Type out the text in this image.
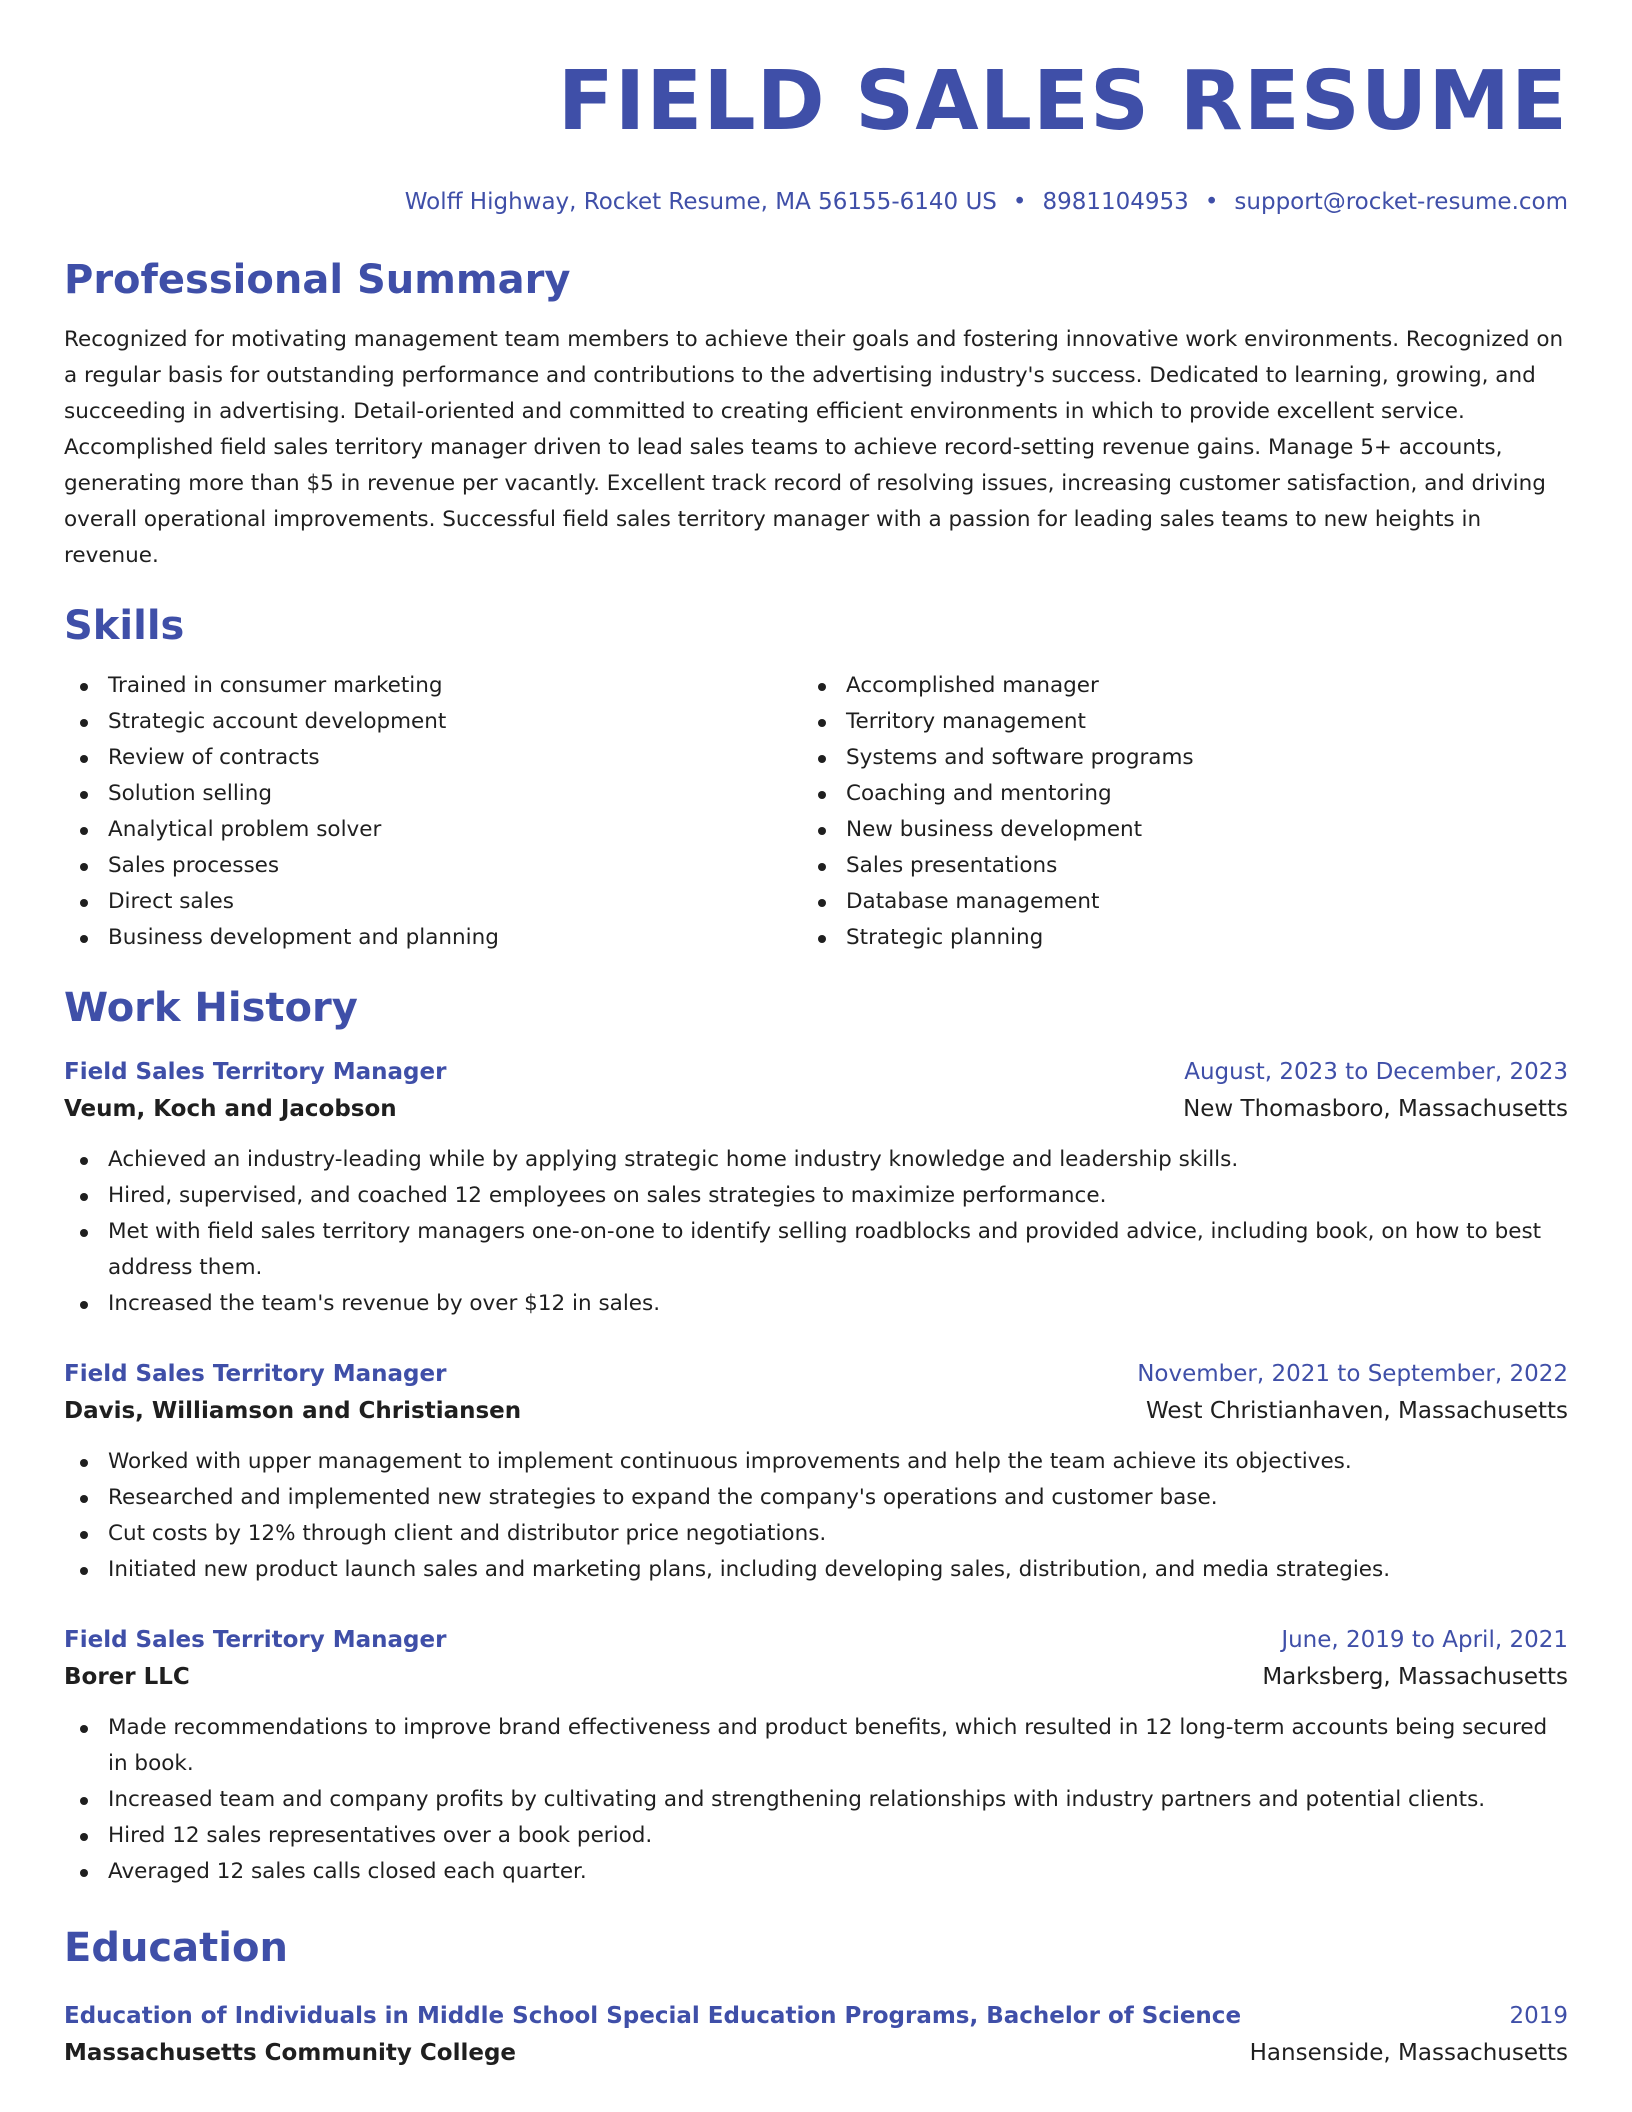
FIELD SALES RESUME
Wolff Highway, Rocket Resume, MA 56155-6140 US • 8981104953 • support@rocket-resume.com
Professional Summary

Recognized for motivating management team members to achieve their goals and fostering innovative work environments. Recognized on a regular basis for outstanding performance and contributions to the advertising industry's success. Dedicated to learning, growing, and succeeding in advertising. Detail-oriented and committed to creating efficient environments in which to provide excellent service. Accomplished field sales territory manager driven to lead sales teams to achieve record-setting revenue gains. Manage 5+ accounts, generating more than $5 in revenue per vacantly. Excellent track record of resolving issues, increasing customer satisfaction, and driving overall operational improvements. Successful field sales territory manager with a passion for leading sales teams to new heights in revenue.

Skills
Trained in consumer marketing
Strategic account development
Review of contracts
Solution selling
Analytical problem solver
Sales processes
Direct sales
Business development and planning
Accomplished manager
Territory management
Systems and software programs
Coaching and mentoring
New business development
Sales presentations
Database management
Strategic planning
Work History
Field Sales Territory Manager	August, 2023 to December, 2023
Veum, Koch and Jacobson	New Thomasboro, Massachusetts
Achieved an industry-leading while by applying strategic home industry knowledge and leadership skills.
Hired, supervised, and coached 12 employees on sales strategies to maximize performance.
Met with field sales territory managers one-on-one to identify selling roadblocks and provided advice, including book, on how to best address them.
Increased the team's revenue by over $12 in sales.
Field Sales Territory Manager	November, 2021 to September, 2022
Davis, Williamson and Christiansen	West Christianhaven, Massachusetts
Worked with upper management to implement continuous improvements and help the team achieve its objectives.
Researched and implemented new strategies to expand the company's operations and customer base.
Cut costs by 12% through client and distributor price negotiations.
Initiated new product launch sales and marketing plans, including developing sales, distribution, and media strategies.
Field Sales Territory Manager	June, 2019 to April, 2021
Borer LLC	Marksberg, Massachusetts
Made recommendations to improve brand effectiveness and product benefits, which resulted in 12 long-term accounts being secured in book.
Increased team and company profits by cultivating and strengthening relationships with industry partners and potential clients.
Hired 12 sales representatives over a book period.
Averaged 12 sales calls closed each quarter.
Education
Education of Individuals in Middle School Special Education Programs, Bachelor of Science	2019
Massachusetts Community College	Hansenside, Massachusetts
